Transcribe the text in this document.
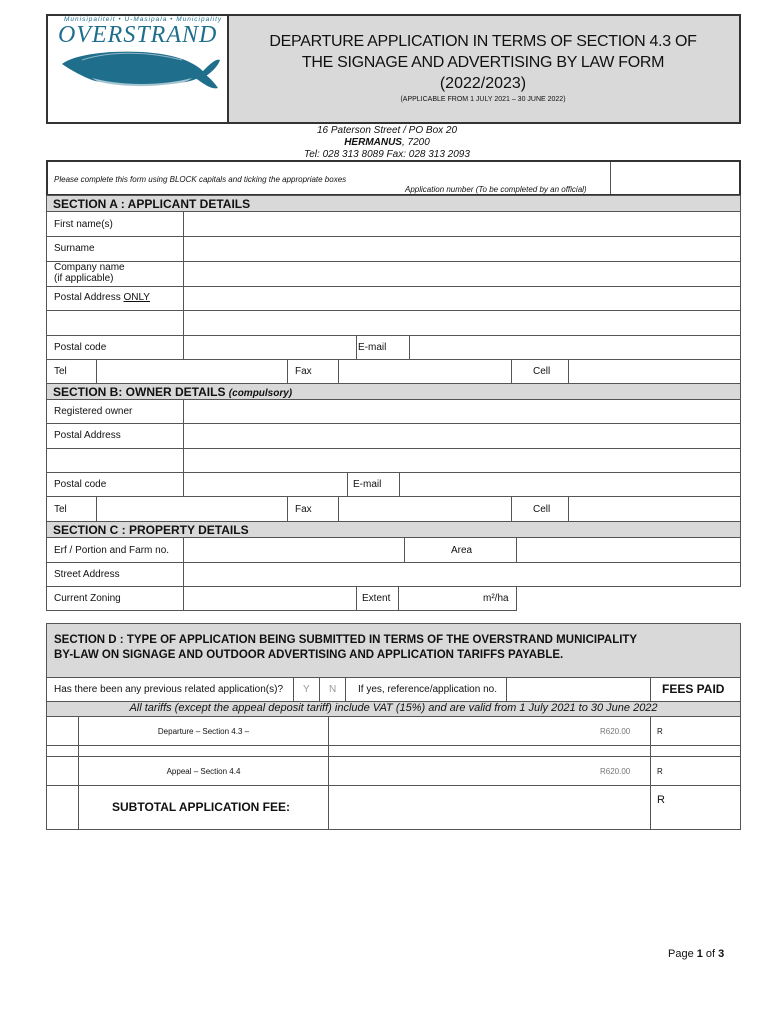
Munisipaliteit • U-Masipala • Municipality
OVERSTRAND	DEPARTURE APPLICATION IN TERMS OF SECTION 4.3 OF
THE SIGNAGE AND ADVERTISING BY LAW FORM
(2022/2023)
(APPLICABLE FROM 1 JULY 2021 – 30 JUNE 2022)
16 Paterson Street / PO Box 20
HERMANUS, 7200
Tel: 028 313 8089 Fax: 028 313 2093
Please complete this form using BLOCK capitals and ticking the appropriate boxes
Application number (To be completed by an official)
SECTION A : APPLICANT DETAILS
First name(s)
Surname
Company name
(if applicable)
Postal Address ONLY
Postal code	E-mail
Tel	Fax	Cell
SECTION B: OWNER DETAILS (compulsory)
Registered owner
Postal Address
Postal code	E-mail
Tel	Fax	Cell
SECTION C : PROPERTY DETAILS
Erf / Portion and Farm no.	Area
Street Address
Current Zoning	Extent	m²/ha
SECTION D : TYPE OF APPLICATION BEING SUBMITTED IN TERMS OF THE OVERSTRAND MUNICIPALITY
BY-LAW ON SIGNAGE AND OUTDOOR ADVERTISING AND APPLICATION TARIFFS PAYABLE.
Has there been any previous related application(s)? Y N If yes, reference/application no.	FEES PAID
All tariffs (except the appeal deposit tariff) include VAT (15%) and are valid from 1 July 2021 to 30 June 2022
Departure – Section 4.3 –	R620.00	R
Appeal – Section 4.4	R620.00	R
SUBTOTAL APPLICATION FEE:	R
Page 1 of 3
